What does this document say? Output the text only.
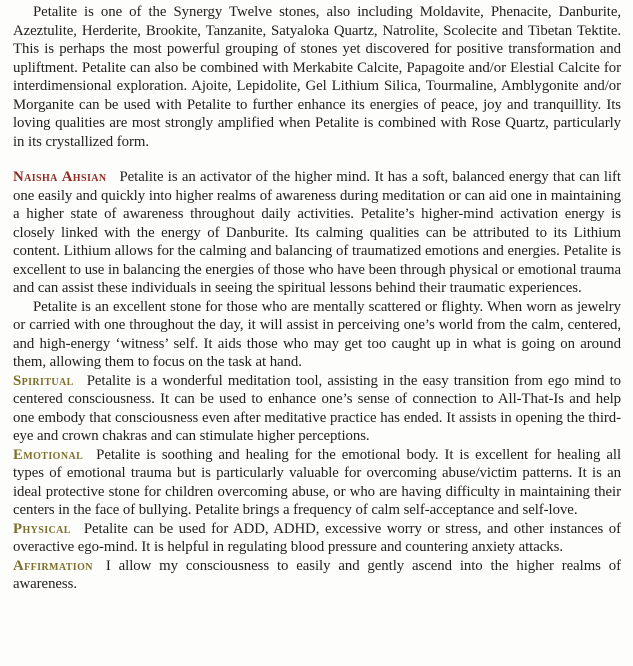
Petalite is one of the Synergy Twelve stones, also including Moldavite, Phenacite, Danburite, Azeztulite, Herderite, Brookite, Tanzanite, Satyaloka Quartz, Natrolite, Scolecite and Tibetan Tektite. This is perhaps the most powerful grouping of stones yet discovered for positive transformation and upliftment. Petalite can also be combined with Merkabite Calcite, Papagoite and/or Elestial Calcite for interdimensional exploration. Ajoite, Lepidolite, Gel Lithium Silica, Tourmaline, Amblygonite and/or Morganite can be used with Petalite to further enhance its energies of peace, joy and tranquillity. Its loving qualities are most strongly amplified when Petalite is combined with Rose Quartz, particularly in its crystallized form.

Naisha Ahsian Petalite is an activator of the higher mind. It has a soft, balanced energy that can lift one easily and quickly into higher realms of awareness during meditation or can aid one in maintaining a higher state of awareness throughout daily activities. Petalite’s higher-mind activation energy is closely linked with the energy of Danburite. Its calming qualities can be attributed to its Lithium content. Lithium allows for the calming and balancing of traumatized emotions and energies. Petalite is excellent to use in balancing the energies of those who have been through physical or emotional trauma and can assist these individuals in seeing the spiritual lessons behind their traumatic experiences.

Petalite is an excellent stone for those who are mentally scattered or flighty. When worn as jewelry or carried with one throughout the day, it will assist in perceiving one’s world from the calm, centered, and high-energy ‘witness’ self. It aids those who may get too caught up in what is going on around them, allowing them to focus on the task at hand.

Spiritual Petalite is a wonderful meditation tool, assisting in the easy transition from ego mind to centered consciousness. It can be used to enhance one’s sense of connection to All-That-Is and help one embody that consciousness even after meditative practice has ended. It assists in opening the third-eye and crown chakras and can stimulate higher perceptions.

Emotional Petalite is soothing and healing for the emotional body. It is excellent for healing all types of emotional trauma but is particularly valuable for overcoming abuse/victim patterns. It is an ideal protective stone for children overcoming abuse, or who are having difficulty in maintaining their centers in the face of bullying. Petalite brings a frequency of calm self-acceptance and self-love.

Physical Petalite can be used for ADD, ADHD, excessive worry or stress, and other instances of overactive ego-mind. It is helpful in regulating blood pressure and countering anxiety attacks.

Affirmation I allow my consciousness to easily and gently ascend into the higher realms of awareness.
